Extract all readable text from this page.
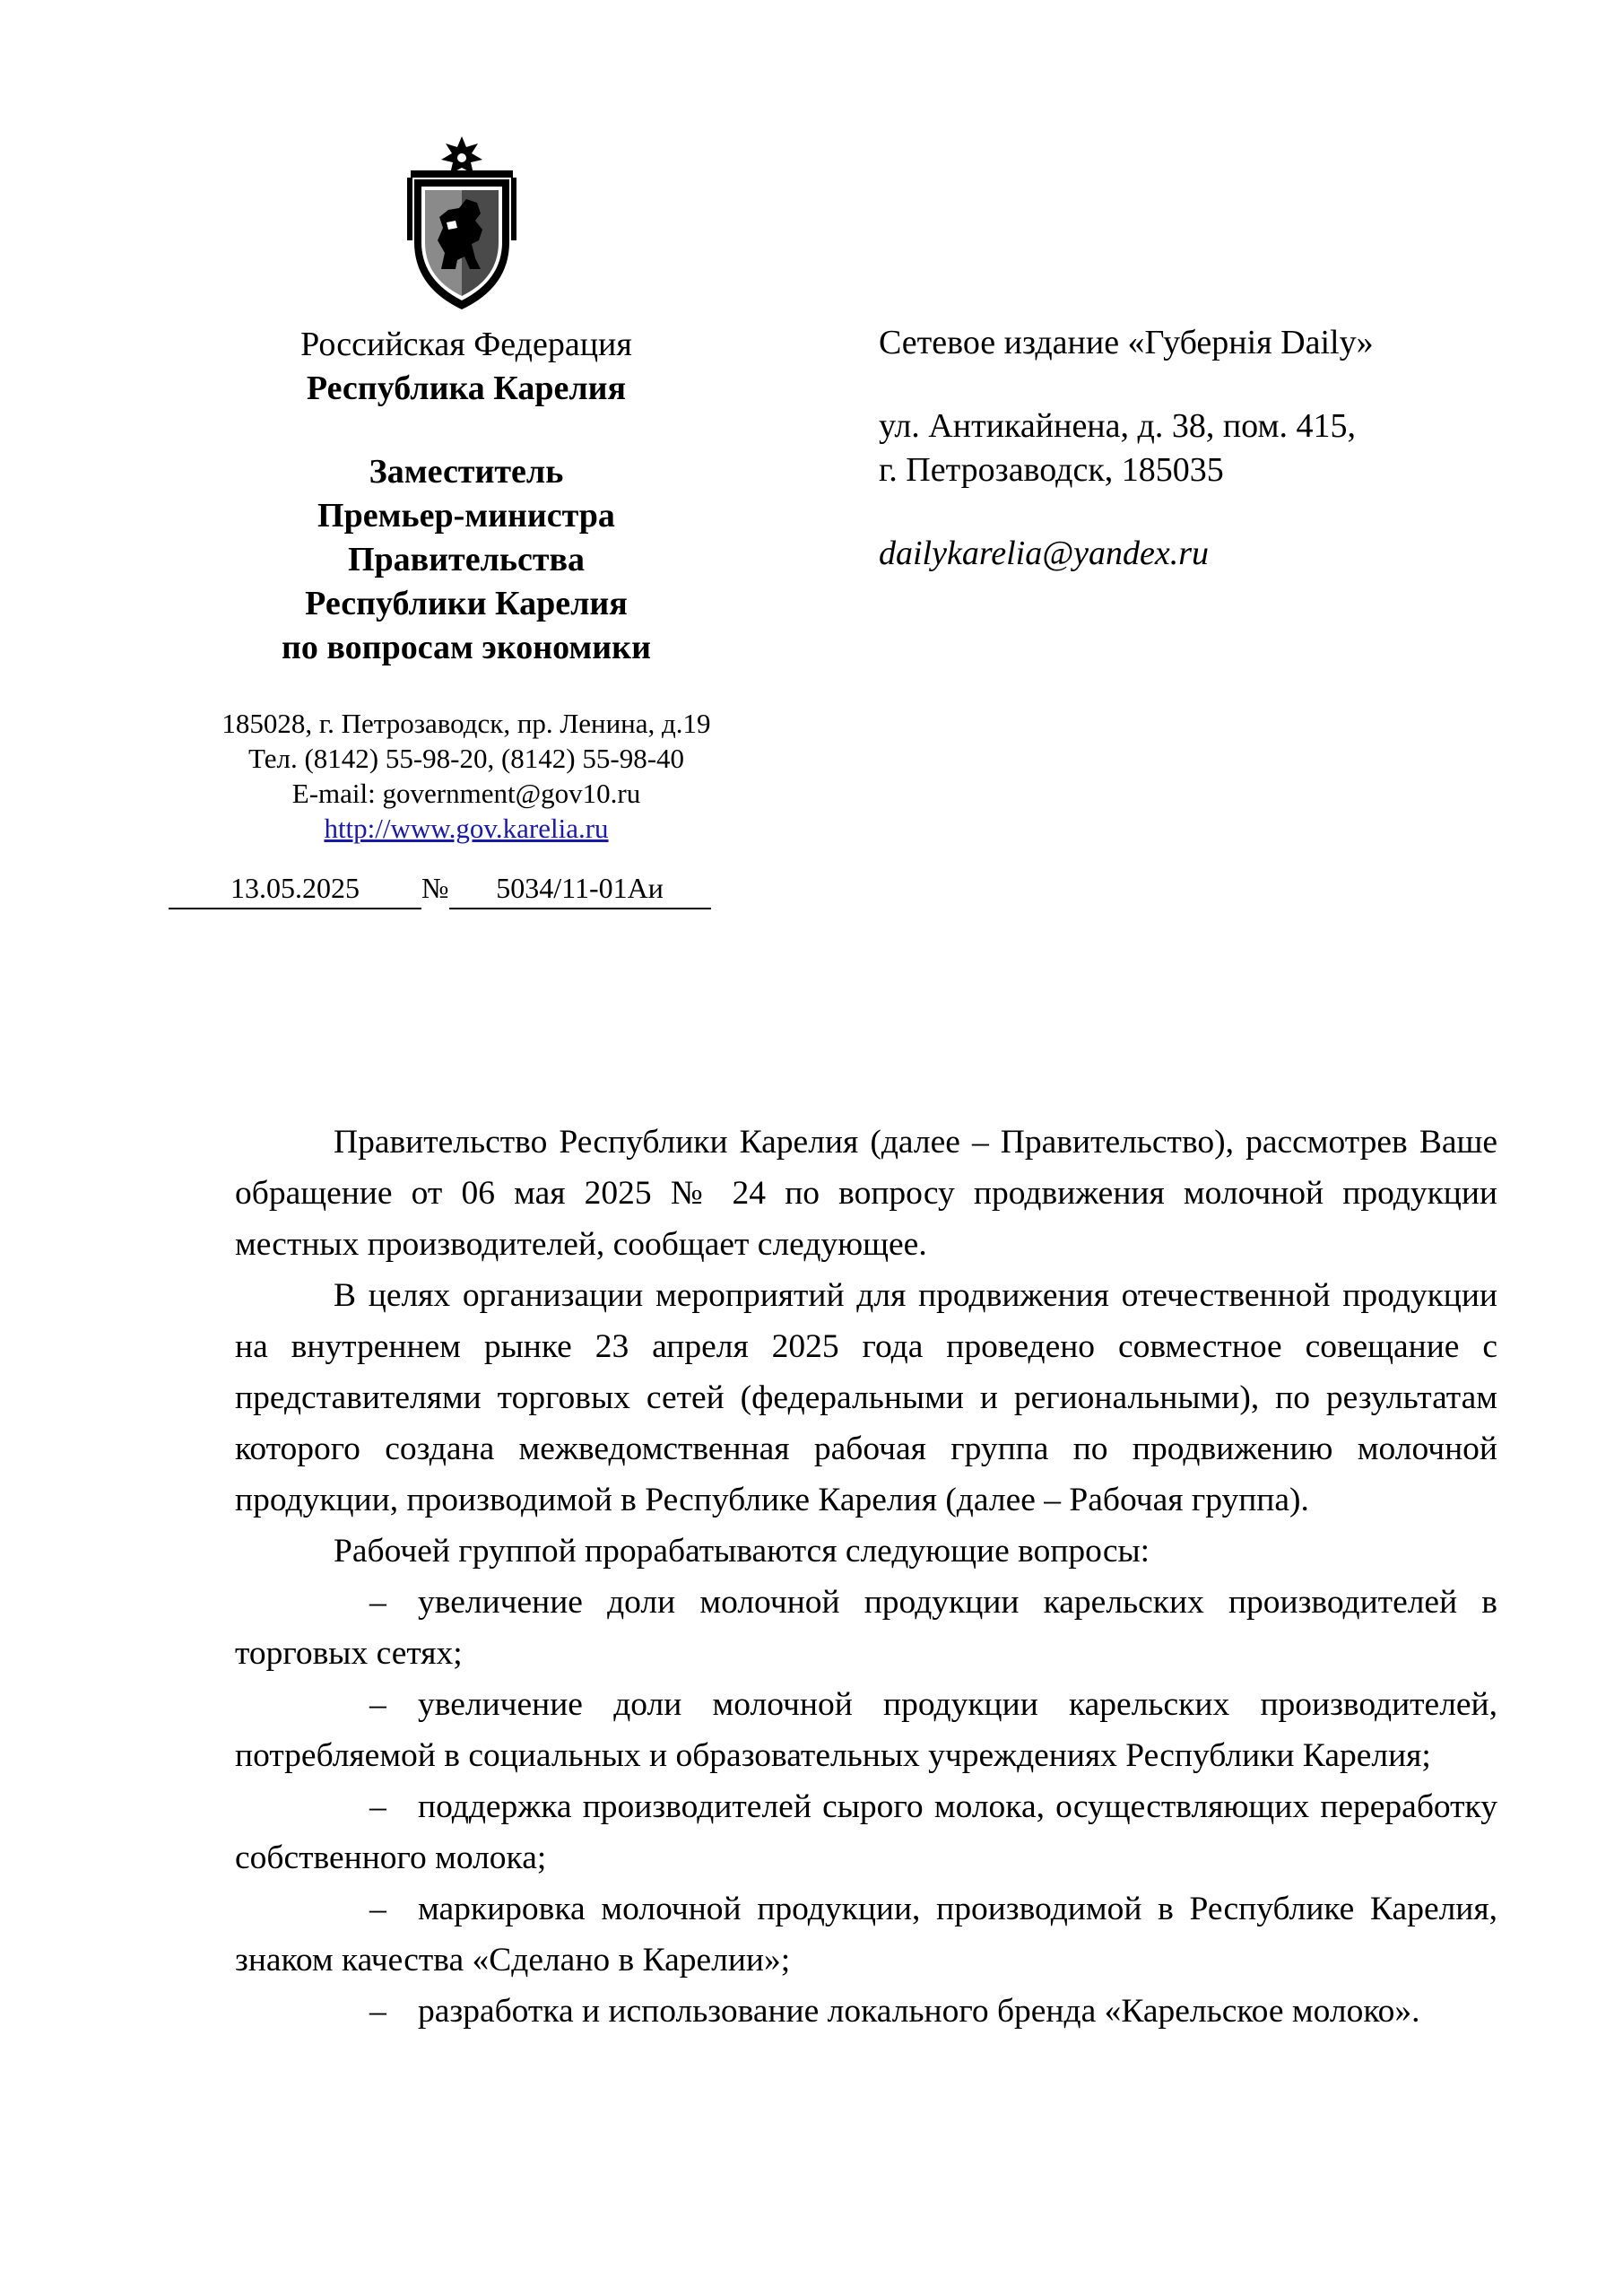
Российская Федерация
Республика Карелия
Заместитель
Премьер-министра
Правительства
Республики Карелия
по вопросам экономики
185028, г. Петрозаводск, пр. Ленина, д.19
Тел. (8142) 55-98-20, (8142) 55-98-40
E-mail: government@gov10.ru
http://www.gov.karelia.ru
13.05.2025 № 5034/11-01Аи
Сетевое издание «Губернiя Daily»
ул. Антикайнена, д. 38, пом. 415,
г. Петрозаводск, 185035
dailykarelia@yandex.ru

Правительство Республики Карелия (далее – Правительство), рассмотрев Ваше обращение от 06 мая 2025 № 24 по вопросу продвижения молочной продукции местных производителей, сообщает следующее.

В целях организации мероприятий для продвижения отечественной продукции на внутреннем рынке 23 апреля 2025 года проведено совместное совещание с представителями торговых сетей (федеральными и региональными), по результатам которого создана межведомственная рабочая группа по продвижению молочной продукции, производимой в Республике Карелия (далее – Рабочая группа).

Рабочей группой прорабатываются следующие вопросы:

– увеличение доли молочной продукции карельских производителей в торговых сетях;

– увеличение доли молочной продукции карельских производителей, потребляемой в социальных и образовательных учреждениях Республики Карелия;

– поддержка производителей сырого молока, осуществляющих переработку собственного молока;

– маркировка молочной продукции, производимой в Республике Карелия, знаком качества «Сделано в Карелии»;

– разработка и использование локального бренда «Карельское молоко».
